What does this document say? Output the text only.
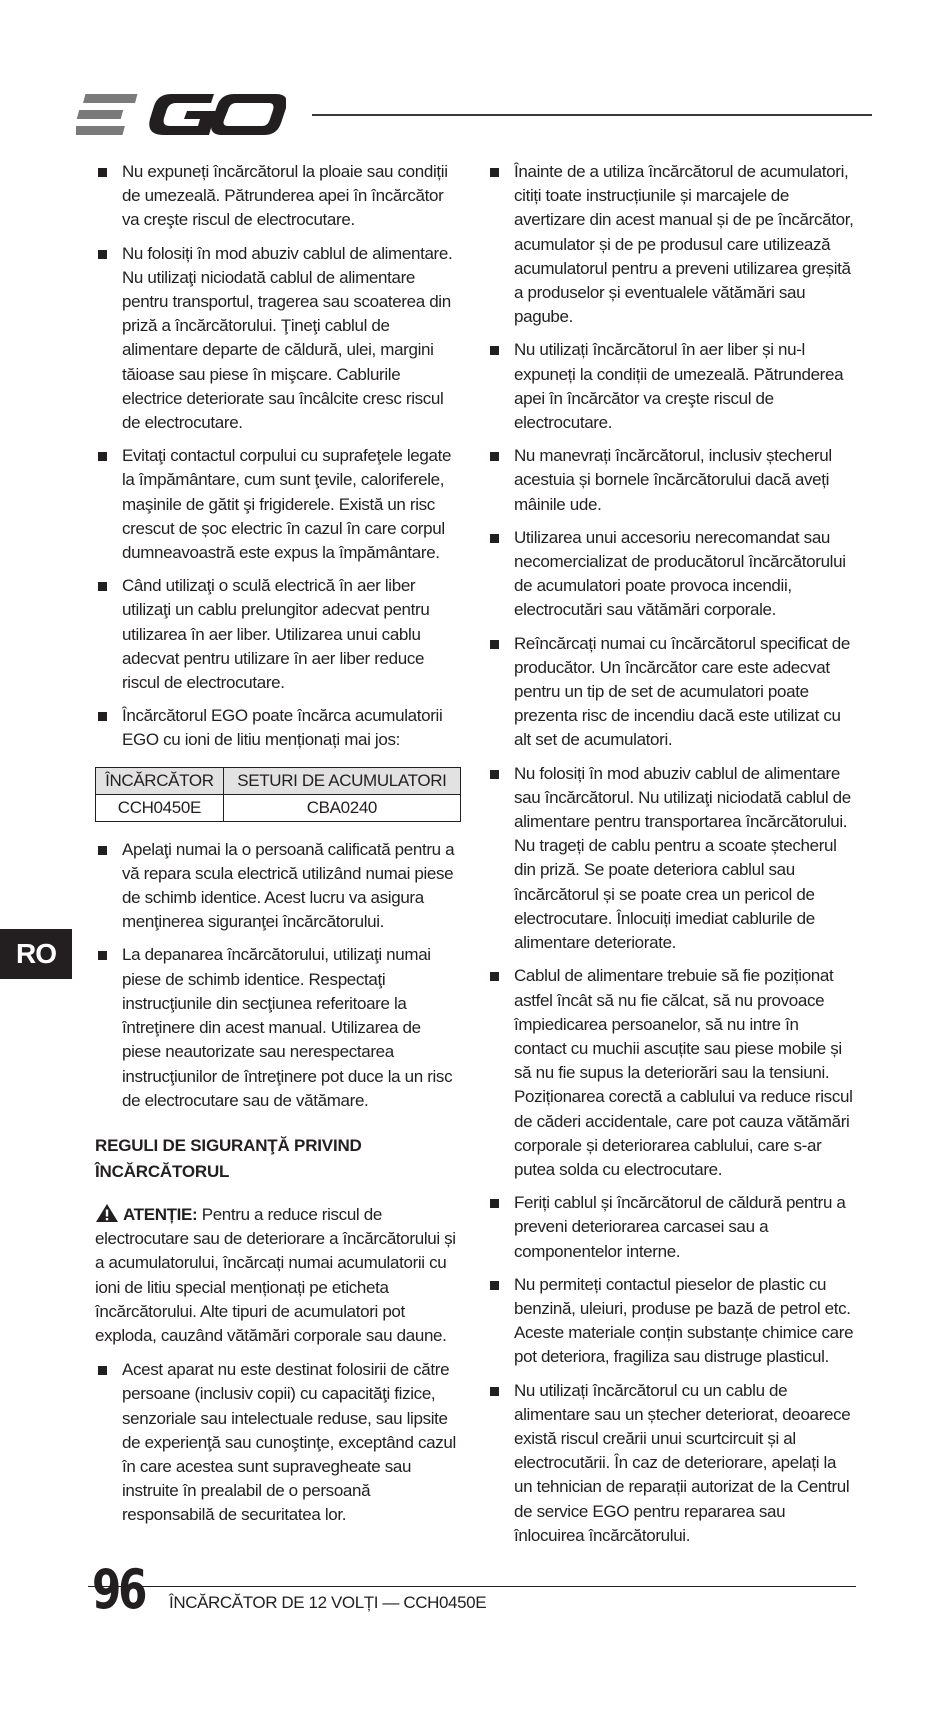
Nu expuneți încărcătorul la ploaie sau condiții de umezeală. Pătrunderea apei în încărcător va creşte riscul de electrocutare.
Nu folosiți în mod abuziv cablul de alimentare. Nu utilizaţi niciodată cablul de alimentare pentru transportul, tragerea sau scoaterea din priză a încărcătorului. Ţineţi cablul de alimentare departe de căldură, ulei, margini tăioase sau piese în mişcare. Cablurile electrice deteriorate sau încâlcite cresc riscul de electrocutare.
Evitaţi contactul corpului cu suprafeţele legate la împământare, cum sunt ţevile, caloriferele, maşinile de gătit şi frigiderele. Există un risc crescut de șoc electric în cazul în care corpul dumneavoastră este expus la împământare.
Când utilizaţi o sculă electrică în aer liber utilizaţi un cablu prelungitor adecvat pentru utilizarea în aer liber. Utilizarea unui cablu adecvat pentru utilizare în aer liber reduce riscul de electrocutare.
Încărcătorul EGO poate încărca acumulatorii EGO cu ioni de litiu menționați mai jos:
ÎNCĂRCĂTOR	SETURI DE ACUMULATORI
CCH0450E	CBA0240
Apelaţi numai la o persoană calificată pentru a vă repara scula electrică utilizând numai piese de schimb identice. Acest lucru va asigura menţinerea siguranţei încărcătorului.
La depanarea încărcătorului, utilizaţi numai piese de schimb identice. Respectaţi instrucţiunile din secţiunea referitoare la întreţinere din acest manual. Utilizarea de piese neautorizate sau nerespectarea instrucţiunilor de întreţinere pot duce la un risc de electrocutare sau de vătămare.
REGULI DE SIGURANŢĂ PRIVIND ÎNCĂRCĂTORUL

ATENȚIE: Pentru a reduce riscul de electrocutare sau de deteriorare a încărcătorului și a acumulatorului, încărcați numai acumulatorii cu ioni de litiu special menționați pe eticheta încărcătorului. Alte tipuri de acumulatori pot exploda, cauzând vătămări corporale sau daune.

Acest aparat nu este destinat folosirii de către persoane (inclusiv copii) cu capacităţi fizice, senzoriale sau intelectuale reduse, sau lipsite de experienţă sau cunoştinţe, exceptând cazul în care acestea sunt supravegheate sau instruite în prealabil de o persoană responsabilă de securitatea lor.
Înainte de a utiliza încărcătorul de acumulatori, citiți toate instrucțiunile și marcajele de avertizare din acest manual și de pe încărcător, acumulator și de pe produsul care utilizează acumulatorul pentru a preveni utilizarea greșită a produselor și eventualele vătămări sau pagube.
Nu utilizați încărcătorul în aer liber și nu-l expuneți la condiții de umezeală. Pătrunderea apei în încărcător va creşte riscul de electrocutare.
Nu manevrați încărcătorul, inclusiv ștecherul acestuia și bornele încărcătorului dacă aveți mâinile ude.
Utilizarea unui accesoriu nerecomandat sau necomercializat de producătorul încărcătorului de acumulatori poate provoca incendii, electrocutări sau vătămări corporale.
Reîncărcați numai cu încărcătorul specificat de producător. Un încărcător care este adecvat pentru un tip de set de acumulatori poate prezenta risc de incendiu dacă este utilizat cu alt set de acumulatori.
Nu folosiți în mod abuziv cablul de alimentare sau încărcătorul. Nu utilizaţi niciodată cablul de alimentare pentru transportarea încărcătorului. Nu trageți de cablu pentru a scoate ștecherul din priză. Se poate deteriora cablul sau încărcătorul și se poate crea un pericol de electrocutare. Înlocuiți imediat cablurile de alimentare deteriorate.
Cablul de alimentare trebuie să fie poziționat astfel încât să nu fie călcat, să nu provoace împiedicarea persoanelor, să nu intre în contact cu muchii ascuțite sau piese mobile și să nu fie supus la deteriorări sau la tensiuni. Poziționarea corectă a cablului va reduce riscul de căderi accidentale, care pot cauza vătămări corporale și deteriorarea cablului, care s-ar putea solda cu electrocutare.
Feriți cablul și încărcătorul de căldură pentru a preveni deteriorarea carcasei sau a componentelor interne.
Nu permiteți contactul pieselor de plastic cu benzină, uleiuri, produse pe bază de petrol etc. Aceste materiale conțin substanțe chimice care pot deteriora, fragiliza sau distruge plasticul.
Nu utilizați încărcătorul cu un cablu de alimentare sau un ștecher deteriorat, deoarece există riscul creării unui scurtcircuit și al electrocutării. În caz de deteriorare, apelați la un tehnician de reparații autorizat de la Centrul de service EGO pentru repararea sau înlocuirea încărcătorului.
RO
96 ÎNCĂRCĂTOR DE 12 VOLȚI — CCH0450E
